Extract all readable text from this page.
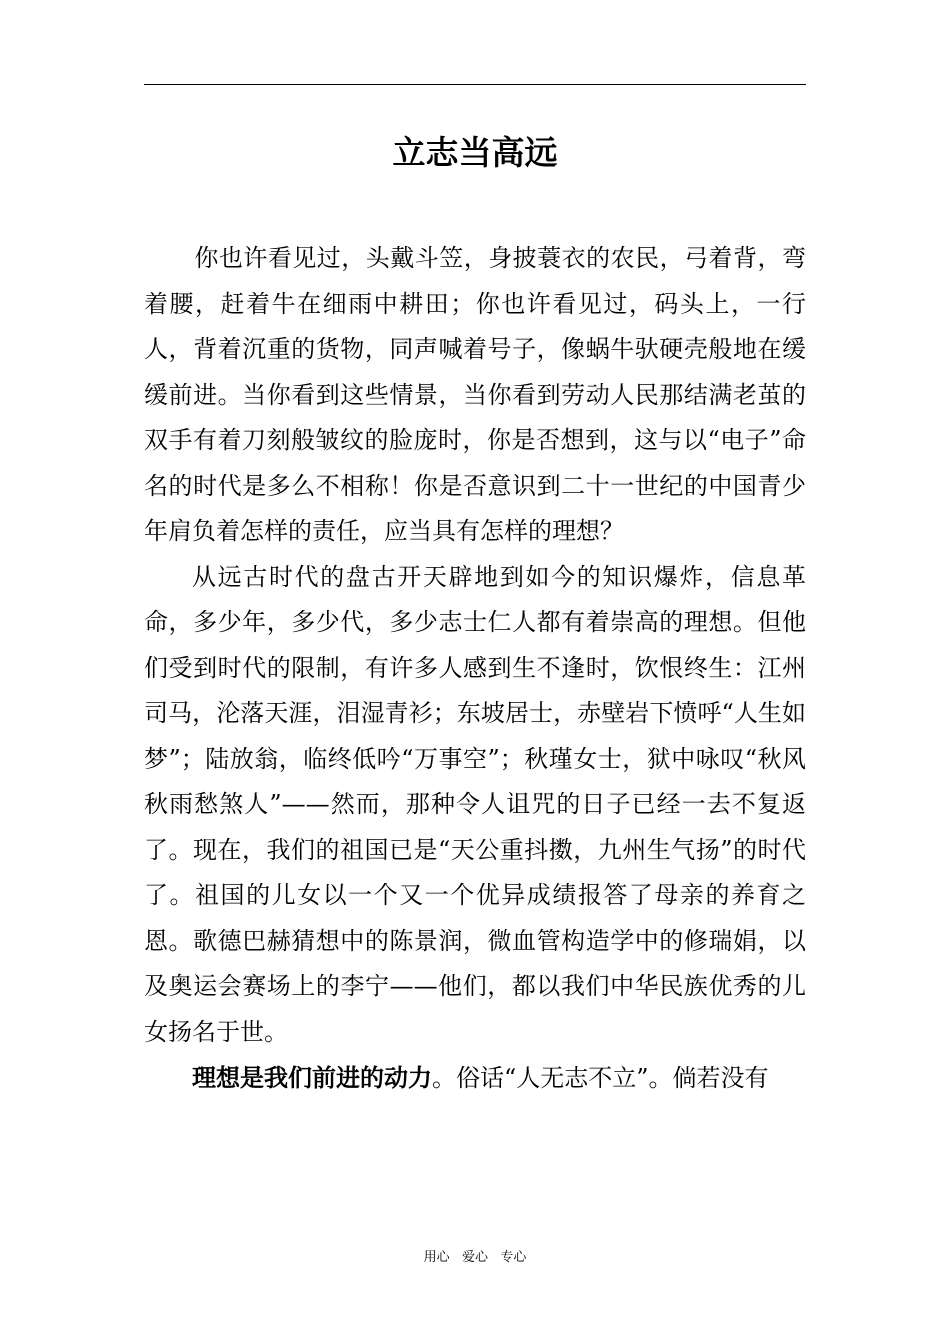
立志当高远

你也许看见过，头戴斗笠，身披蓑衣的农民，弓着背，弯着腰，赶着牛在细雨中耕田；你也许看见过，码头上，一行人，背着沉重的货物，同声喊着号子，像蜗牛驮硬壳般地在缓缓前进。当你看到这些情景，当你看到劳动人民那结满老茧的双手有着刀刻般皱纹的脸庞时，你是否想到，这与以“电子”命名的时代是多么不相称！你是否意识到二十一世纪的中国青少年肩负着怎样的责任，应当具有怎样的理想？

从远古时代的盘古开天辟地到如今的知识爆炸，信息革命，多少年，多少代，多少志士仁人都有着崇高的理想。但他们受到时代的限制，有许多人感到生不逢时，饮恨终生：江州司马，沦落天涯，泪湿青衫；东坡居士，赤壁岩下愤呼“人生如梦”；陆放翁，临终低吟“万事空”；秋瑾女士，狱中咏叹“秋风秋雨愁煞人”——然而，那种令人诅咒的日子已经一去不复返了。现在，我们的祖国已是“天公重抖擞，九州生气扬”的时代了。祖国的儿女以一个又一个优异成绩报答了母亲的养育之恩。歌德巴赫猜想中的陈景润，微血管构造学中的修瑞娟，以及奥运会赛场上的李宁——他们，都以我们中华民族优秀的儿女扬名于世。

理想是我们前进的动力。俗话“人无志不立”。倘若没有

用心   爱心   专心
